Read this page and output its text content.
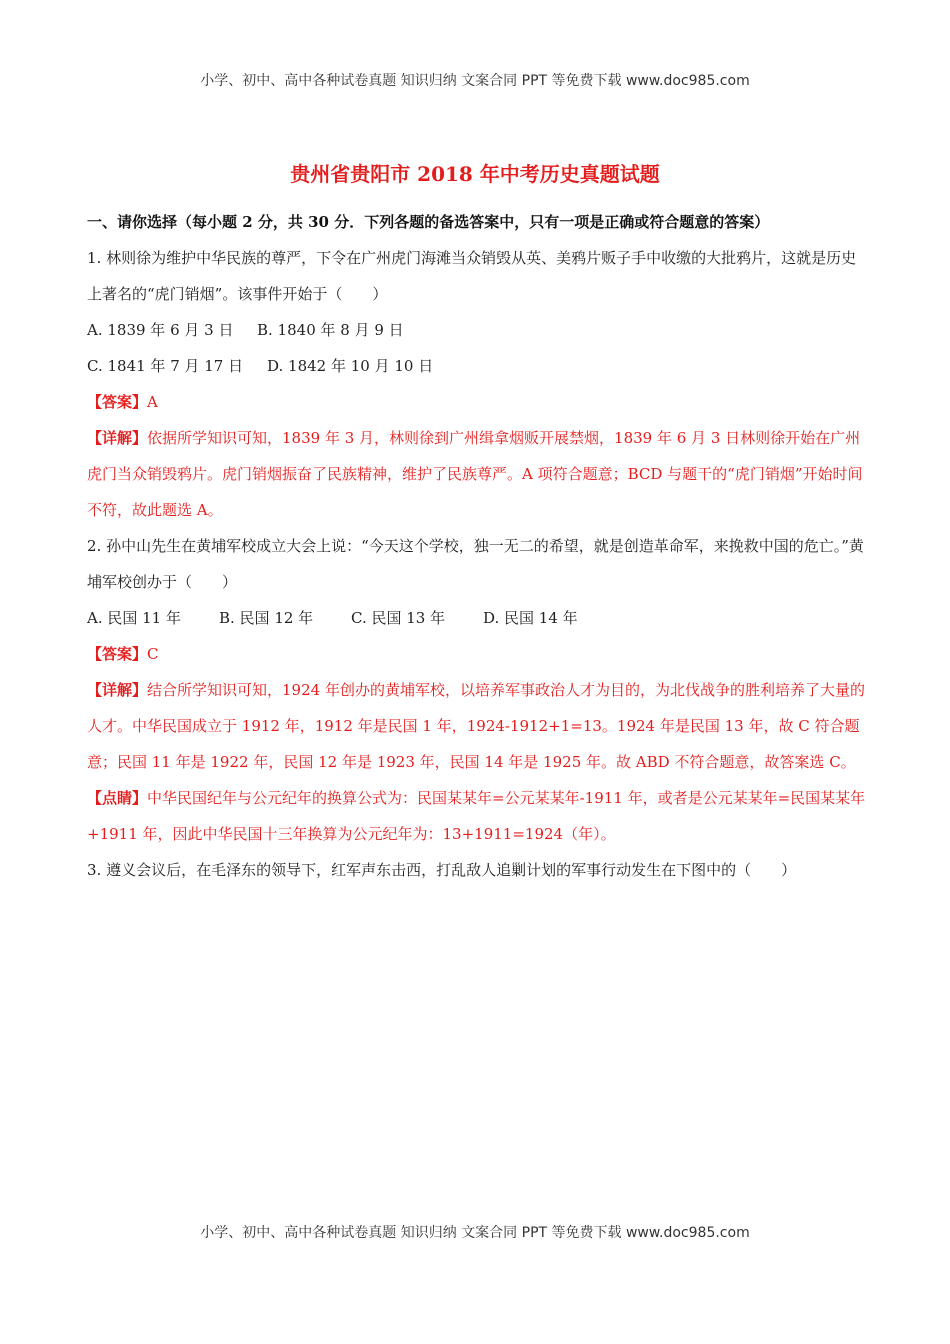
小学、初中、高中各种试卷真题 知识归纳 文案合同 PPT 等免费下载 www.doc985.com
贵州省贵阳市 2018 年中考历史真题试题
一、请你选择（每小题 2 分，共 30 分．下列各题的备选答案中，只有一项是正确或符合题意的答案）

1. 林则徐为维护中华民族的尊严，下令在广州虎门海滩当众销毁从英、美鸦片贩子手中收缴的大批鸦片，这就是历史上著名的“虎门销烟”。该事件开始于（　　）

A. 1839 年 6 月 3 日 B. 1840 年 8 月 9 日

C. 1841 年 7 月 17 日 D. 1842 年 10 月 10 日

【答案】A

【详解】依据所学知识可知，1839 年 3 月，林则徐到广州缉拿烟贩开展禁烟，1839 年 6 月 3 日林则徐开始在广州虎门当众销毁鸦片。虎门销烟振奋了民族精神，维护了民族尊严。A 项符合题意；BCD 与题干的“虎门销烟”开始时间不符，故此题选 A。

2. 孙中山先生在黄埔军校成立大会上说：“今天这个学校，独一无二的希望，就是创造革命军，来挽救中国的危亡。”黄埔军校创办于（　　）

A. 民国 11 年	B. 民国 12 年	C. 民国 13 年	D. 民国 14 年

【答案】C

【详解】结合所学知识可知，1924 年创办的黄埔军校，以培养军事政治人才为目的，为北伐战争的胜利培养了大量的人才。中华民国成立于 1912 年，1912 年是民国 1 年，1924-1912+1=13。1924 年是民国 13 年，故 C 符合题意；民国 11 年是 1922 年，民国 12 年是 1923 年，民国 14 年是 1925 年。故 ABD 不符合题意，故答案选 C。

【点睛】中华民国纪年与公元纪年的换算公式为：民国某某年=公元某某年-1911 年，或者是公元某某年=民国某某年+1911 年，因此中华民国十三年换算为公元纪年为：13+1911=1924（年）。

3. 遵义会议后，在毛泽东的领导下，红军声东击西，打乱敌人追剿计划的军事行动发生在下图中的（　　）

小学、初中、高中各种试卷真题 知识归纳 文案合同 PPT 等免费下载 www.doc985.com
